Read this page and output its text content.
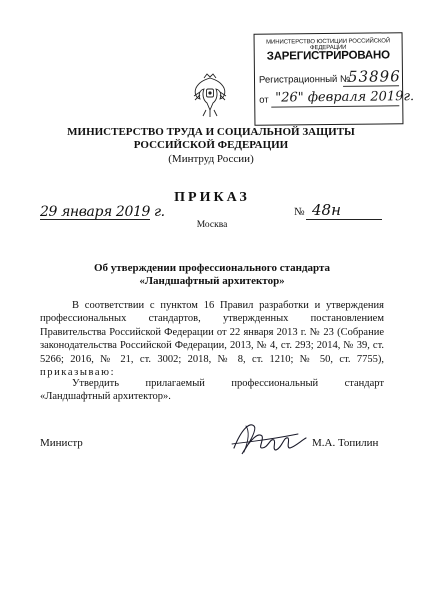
МИНИСТЕРСТВО ЮСТИЦИИ РОССИЙСКОЙ ФЕДЕРАЦИИ
ЗАРЕГИСТРИРОВАНО
Регистрационный №
53896
от "26" февраля 2019г.
МИНИСТЕРСТВО ТРУДА И СОЦИАЛЬНОЙ ЗАЩИТЫ
РОССИЙСКОЙ ФЕДЕРАЦИИ
(Минтруд России)
ПРИКАЗ
29 января 2019 г.	№ 48н
Москва
Об утверждении профессионального стандарта
«Ландшафтный архитектор»
В соответствии с пунктом 16 Правил разработки и утверждения профессиональных стандартов, утвержденных постановлением Правительства Российской Федерации от 22 января 2013 г. № 23 (Собрание законодательства Российской Федерации, 2013, № 4, ст. 293; 2014, № 39, ст. 5266; 2016, № 21, ст. 3002; 2018, № 8, ст. 1210; № 50, ст. 7755), приказываю:
Утвердить прилагаемый профессиональный стандарт «Ландшафтный архитектор».
Министр	М.А. Топилин
